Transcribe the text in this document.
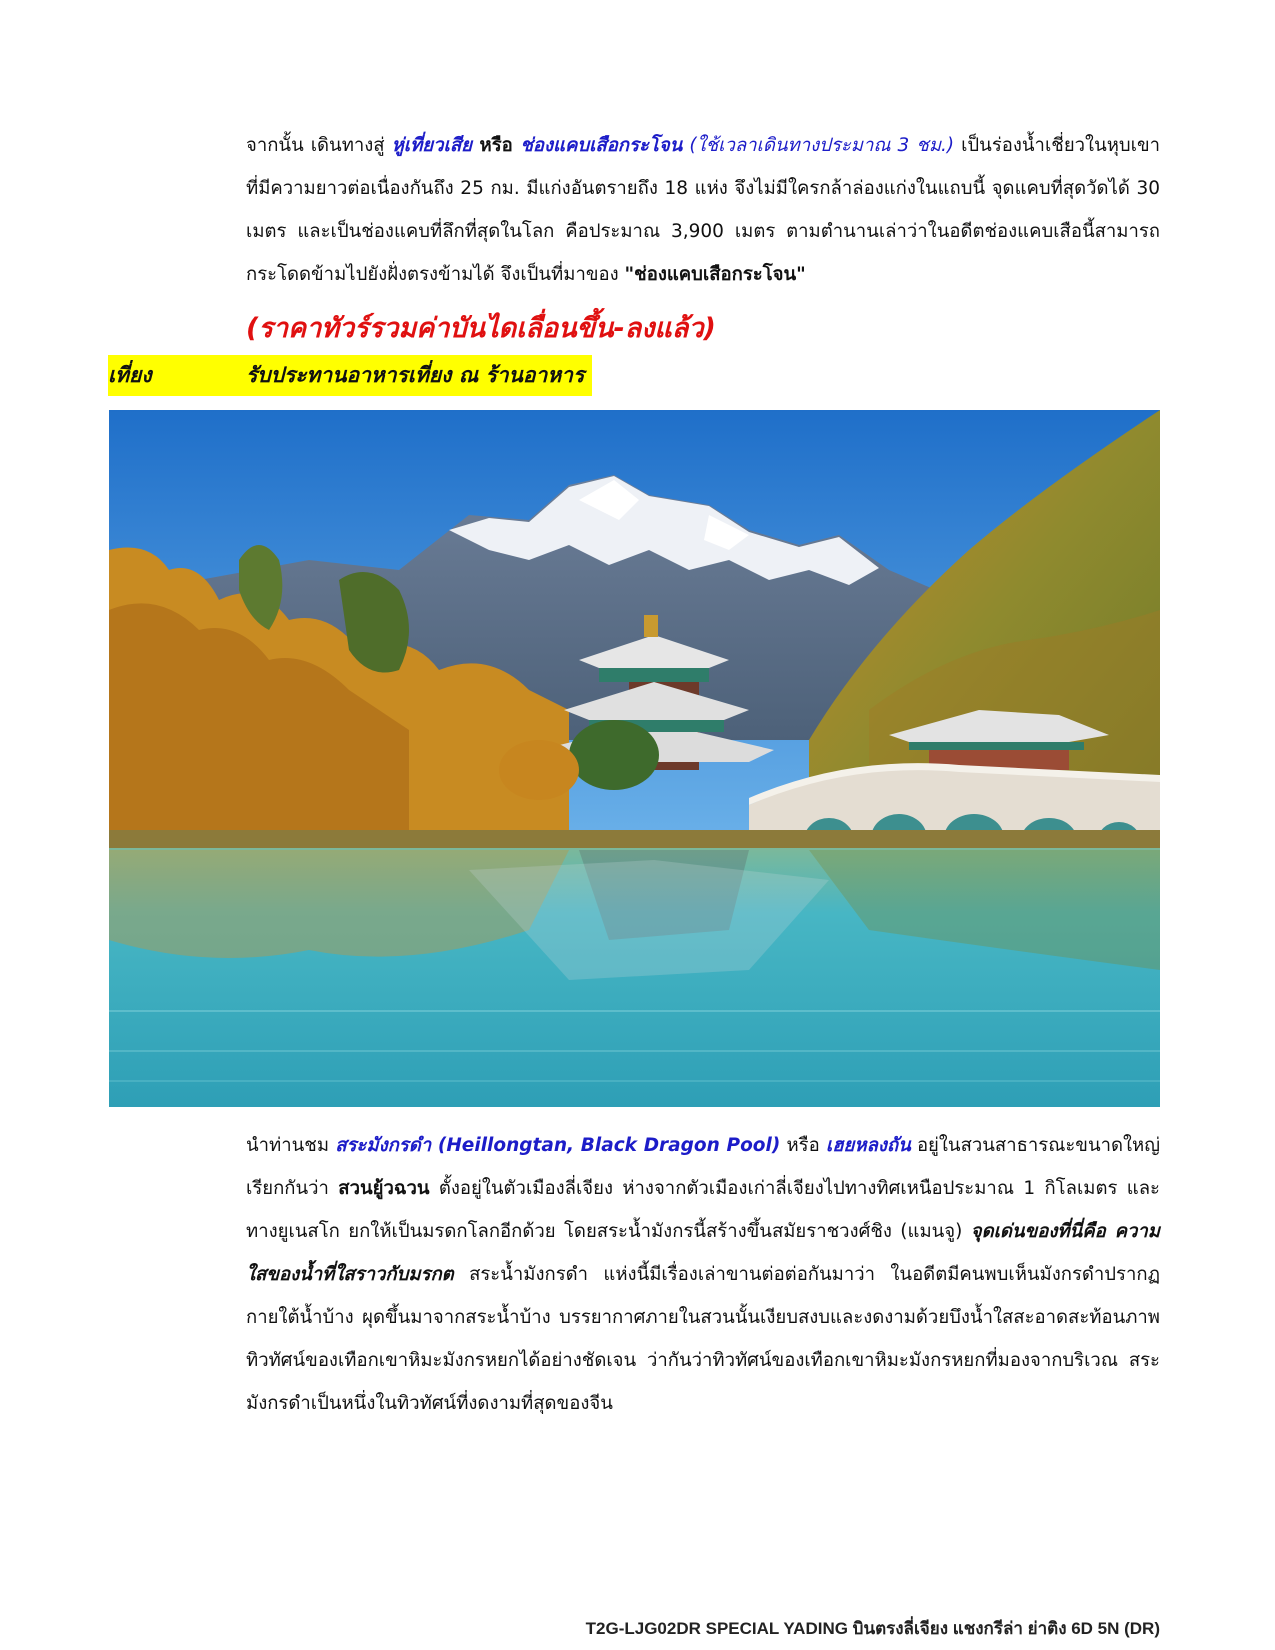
จากนั้น เดินทางสู่ หู่เที่ยวเสีย หรือ ช่องแคบเสือกระโจน (ใช้เวลาเดินทางประมาณ 3 ชม.) เป็นร่องน้ำเชี่ยวในหุบเขาที่มีความยาวต่อเนื่องกันถึง 25 กม. มีแก่งอันตรายถึง 18 แห่ง จึงไม่มีใครกล้าล่องแก่งในแถบนี้ จุดแคบที่สุดวัดได้ 30 เมตร และเป็นช่องแคบที่ลึกที่สุดในโลก คือประมาณ 3,900 เมตร ตามตำนานเล่าว่าในอดีตช่องแคบเสือนี้สามารถกระโดดข้ามไปยังฝั่งตรงข้ามได้ จึงเป็นที่มาของ "ช่องแคบเสือกระโจน"

(ราคาทัวร์รวมค่าบันไดเลื่อนขึ้น-ลงแล้ว)
เที่ยง	รับประทานอาหารเที่ยง ณ ร้านอาหาร

นำท่านชม สระมังกรดำ (Heillongtan, Black Dragon Pool) หรือ เฮยหลงถัน อยู่ในสวนสาธารณะขนาดใหญ่ เรียกกันว่า สวนยู้วฉวน ตั้งอยู่ในตัวเมืองลี่เจียง ห่างจากตัวเมืองเก่าลี่เจียงไปทางทิศเหนือประมาณ 1 กิโลเมตร และทางยูเนสโก ยกให้เป็นมรดกโลกอีกด้วย โดยสระน้ำมังกรนี้สร้างขึ้นสมัยราชวงศ์ชิง (แมนจู) จุดเด่นของที่นี่คือ ความใสของน้ำที่ใสราวกับมรกต สระน้ำมังกรดำ แห่งนี้มีเรื่องเล่าขานต่อต่อกันมาว่า ในอดีตมีคนพบเห็นมังกรดำปรากฏกายใต้น้ำบ้าง ผุดขึ้นมาจากสระน้ำบ้าง บรรยากาศภายในสวนนั้นเงียบสงบและงดงามด้วยบึงน้ำใสสะอาดสะท้อนภาพทิวทัศน์ของเทือกเขาหิมะมังกรหยกได้อย่างชัดเจน ว่ากันว่าทิวทัศน์ของเทือกเขาหิมะมังกรหยกที่มองจากบริเวณ สระมังกรดำเป็นหนึ่งในทิวทัศน์ที่งดงามที่สุดของจีน

T2G-LJG02DR SPECIAL YADING บินตรงลี่เจียง แชงกรีล่า ย่าติง 6D 5N (DR)
